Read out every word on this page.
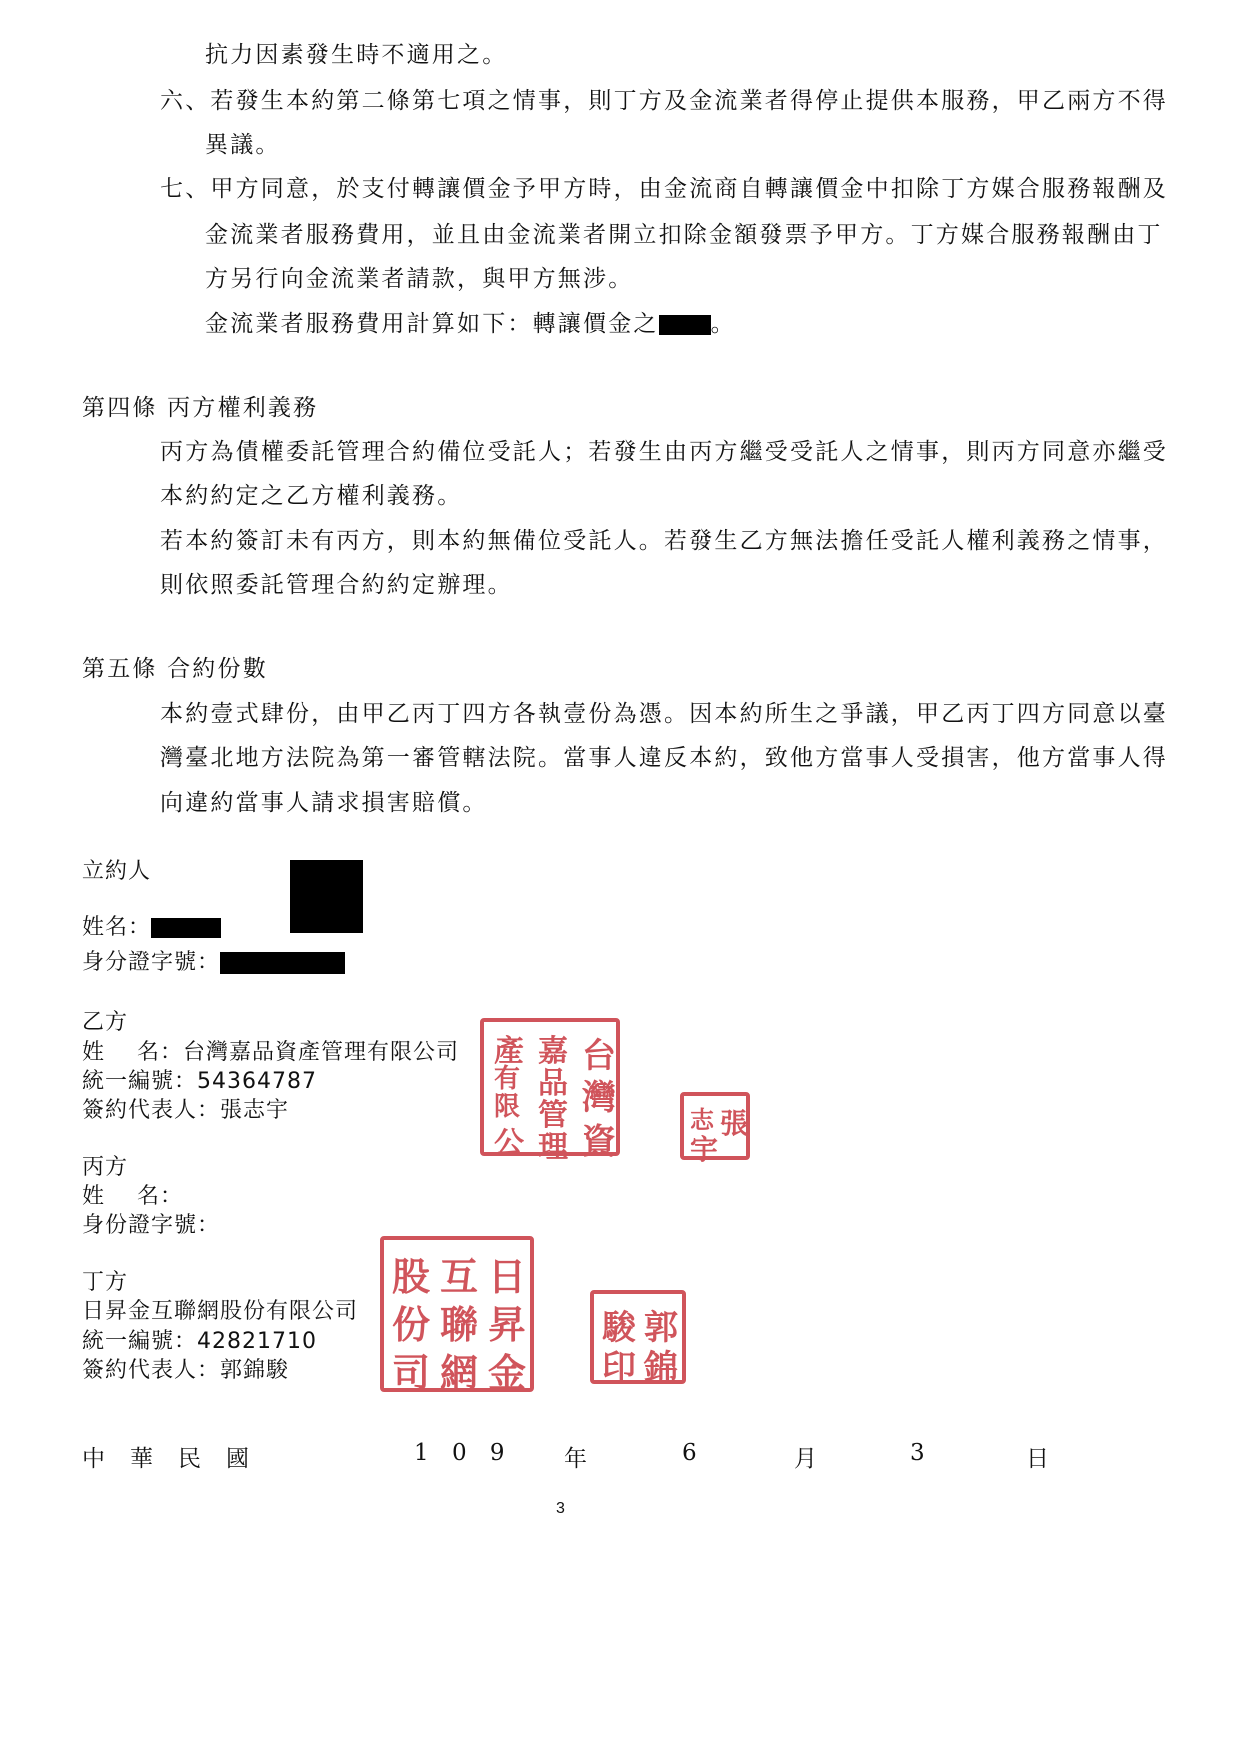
抗力因素發生時不適用之。
六、若發生本約第二條第七項之情事，則丁方及金流業者得停止提供本服務，甲乙兩方不得
異議。
七、甲方同意，於支付轉讓價金予甲方時，由金流商自轉讓價金中扣除丁方媒合服務報酬及
金流業者服務費用，並且由金流業者開立扣除金額發票予甲方。丁方媒合服務報酬由丁
方另行向金流業者請款，與甲方無涉。
金流業者服務費用計算如下：轉讓價金之 。
第四條 丙方權利義務
丙方為債權委託管理合約備位受託人；若發生由丙方繼受受託人之情事，則丙方同意亦繼受
本約約定之乙方權利義務。
若本約簽訂未有丙方，則本約無備位受託人。若發生乙方無法擔任受託人權利義務之情事，
則依照委託管理合約約定辦理。
第五條 合約份數
本約壹式肆份，由甲乙丙丁四方各執壹份為憑。因本約所生之爭議，甲乙丙丁四方同意以臺
灣臺北地方法院為第一審管轄法院。當事人違反本約，致他方當事人受損害，他方當事人得
向違約當事人請求損害賠償。
立約人
姓名：
身分證字號：
乙方
姓    名：台灣嘉品資產管理有限公司
統一編號：54364787
簽約代表人：張志宇
丙方
姓    名：
身份證字號：
丁方
日昇金互聯網股份有限公司
統一編號：42821710
簽約代表人：郭錦駿
台
灣
資
嘉
品
管
理
產
有
限
公
張
志
宇
日
昇
金
互
聯
網
股
份
司
郭
錦
駿
印
中 華 民 國	1 0 9 年	6	月	3	日
3
